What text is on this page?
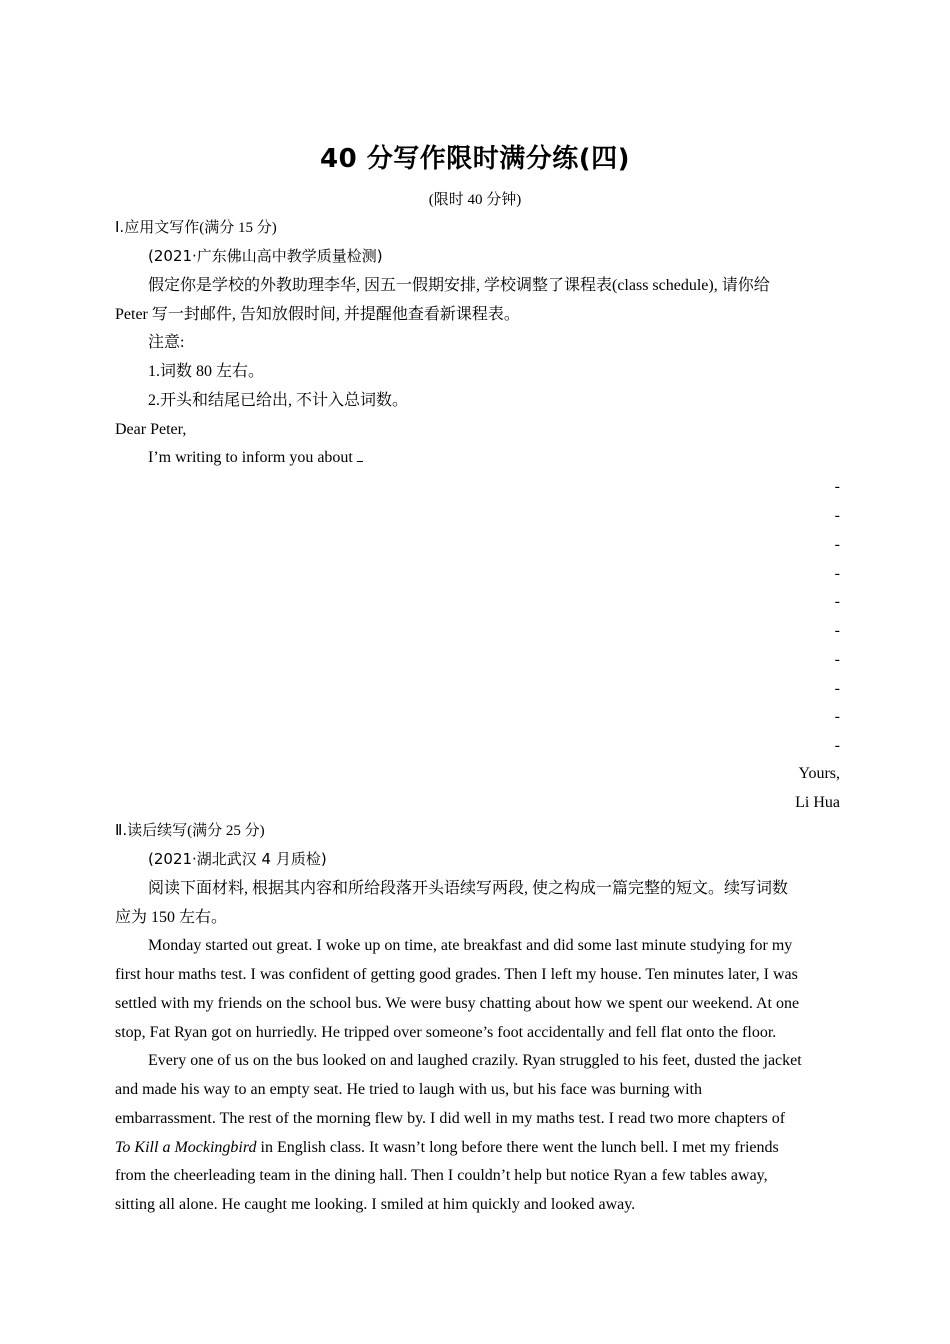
40 分写作限时满分练(四)
(限时 40 分钟)
Ⅰ.应用文写作(满分 15 分)
(2021·广东佛山高中教学质量检测)
假定你是学校的外教助理李华, 因五一假期安排, 学校调整了课程表(class schedule), 请你给
Peter 写一封邮件, 告知放假时间, 并提醒他查看新课程表。
注意:
1.词数 80 左右。
2.开头和结尾已给出, 不计入总词数。
Dear Peter,
I’m writing to inform you about
-
-
-
-
-
-
-
-
-
-
Yours,
Li Hua
Ⅱ.读后续写(满分 25 分)
(2021·湖北武汉 4 月质检)
阅读下面材料, 根据其内容和所给段落开头语续写两段, 使之构成一篇完整的短文。续写词数
应为 150 左右。
Monday started out great. I woke up on time, ate breakfast and did some last minute studying for my
first hour maths test. I was confident of getting good grades. Then I left my house. Ten minutes later, I was
settled with my friends on the school bus. We were busy chatting about how we spent our weekend. At one
stop, Fat Ryan got on hurriedly. He tripped over someone’s foot accidentally and fell flat onto the floor.
Every one of us on the bus looked on and laughed crazily. Ryan struggled to his feet, dusted the jacket
and made his way to an empty seat. He tried to laugh with us, but his face was burning with
embarrassment. The rest of the morning flew by. I did well in my maths test. I read two more chapters of
To Kill a Mockingbird in English class. It wasn’t long before there went the lunch bell. I met my friends
from the cheerleading team in the dining hall. Then I couldn’t help but notice Ryan a few tables away,
sitting all alone. He caught me looking. I smiled at him quickly and looked away.
